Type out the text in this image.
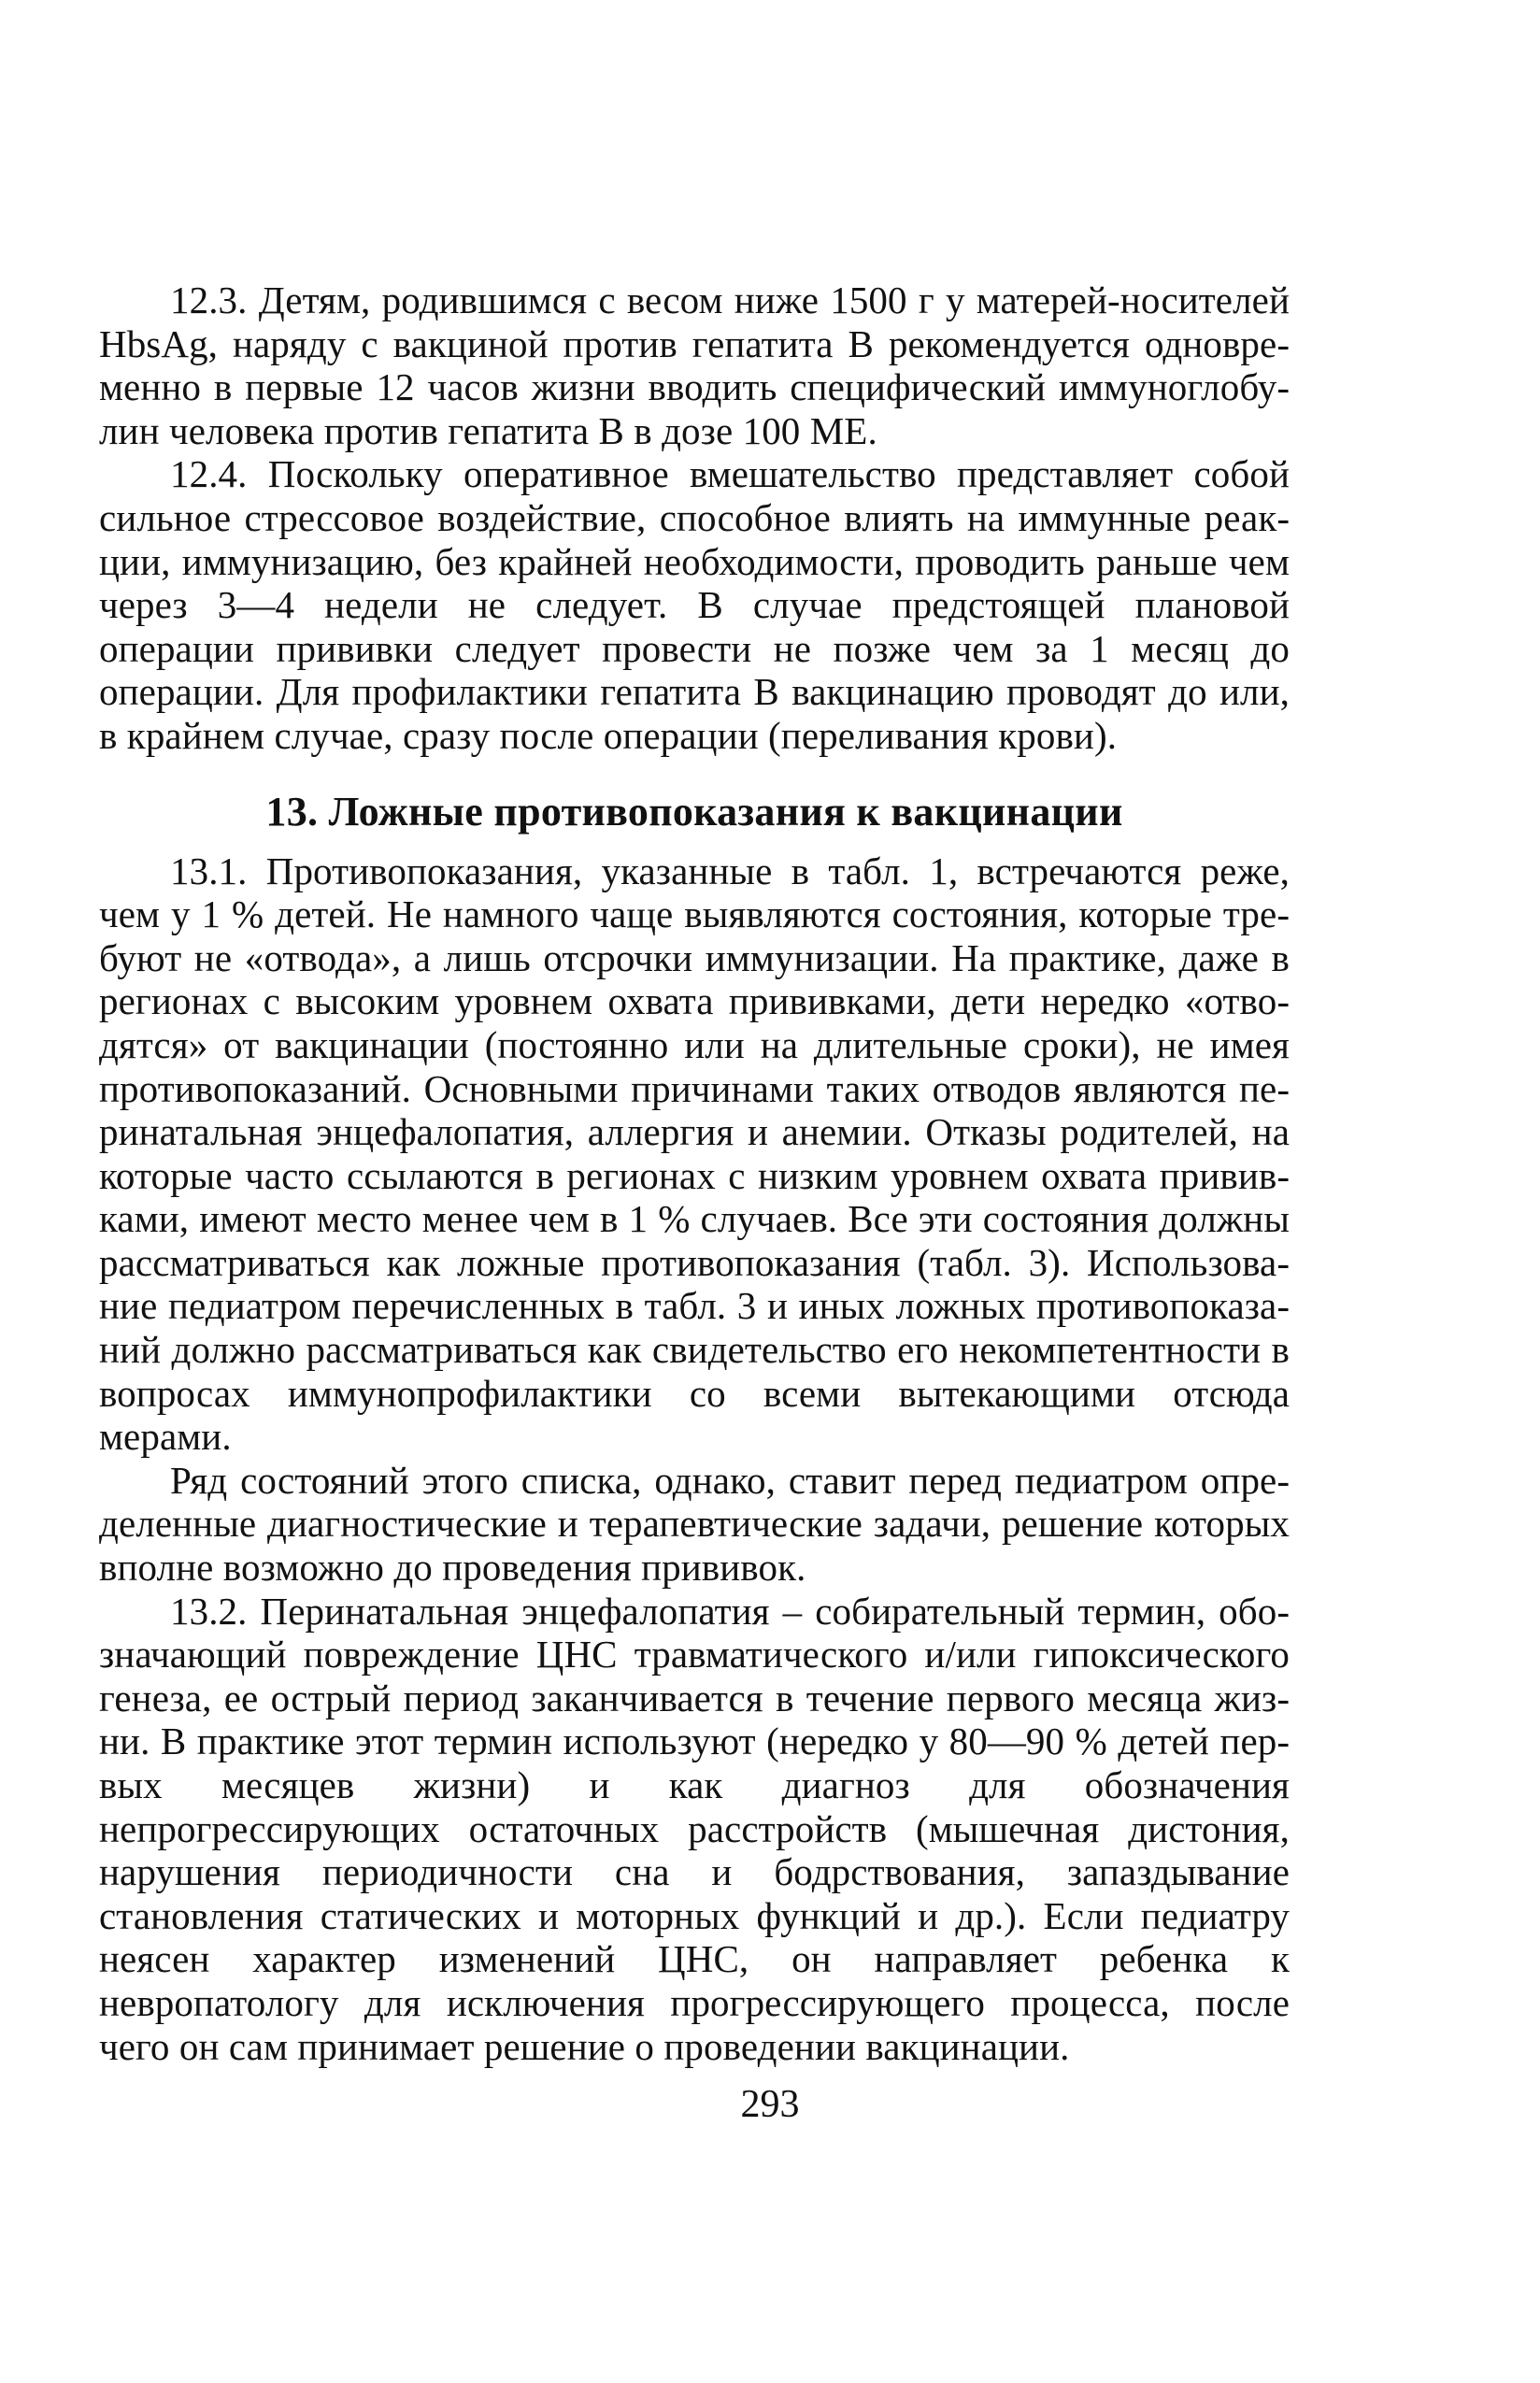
12.3. Детям, родившимся с весом ниже 1500 г у матерей-носителей HbsAg, наряду с вакциной против гепатита В рекомендуется одновременно в первые 12 часов жизни вводить специфический иммуноглобулин человека против гепатита В в дозе 100 МЕ.

12.4. Поскольку оперативное вмешательство представляет собой сильное стрессовое воздействие, способное влиять на иммунные реакции, иммунизацию, без крайней необходимости, проводить раньше чем через 3—4 недели не следует. В случае предстоящей плановой операции прививки следует провести не позже чем за 1 месяц до операции. Для профилактики гепатита В вакцинацию проводят до или, в крайнем случае, сразу после операции (переливания крови).

13. Ложные противопоказания к вакцинации

13.1. Противопоказания, указанные в табл. 1, встречаются реже, чем у 1 % детей. Не намного чаще выявляются состояния, которые требуют не «отвода», а лишь отсрочки иммунизации. На практике, даже в регионах с высоким уровнем охвата прививками, дети нередко «отводятся» от вакцинации (постоянно или на длительные сроки), не имея противопоказаний. Основными причинами таких отводов являются перинатальная энцефалопатия, аллергия и анемии. Отказы родителей, на которые часто ссылаются в регионах с низким уровнем охвата прививками, имеют место менее чем в 1 % случаев. Все эти состояния должны рассматриваться как ложные противопоказания (табл. 3). Использование педиатром перечисленных в табл. 3 и иных ложных противопоказаний должно рассматриваться как свидетельство его некомпетентности в вопросах иммунопрофилактики со всеми вытекающими отсюда мерами.

Ряд состояний этого списка, однако, ставит перед педиатром определенные диагностические и терапевтические задачи, решение которых вполне возможно до проведения прививок.

13.2. Перинатальная энцефалопатия – собирательный термин, обозначающий повреждение ЦНС травматического и/или гипоксического генеза, ее острый период заканчивается в течение первого месяца жизни. В практике этот термин используют (нередко у 80—90 % детей первых месяцев жизни) и как диагноз для обозначения непрогрессирующих остаточных расстройств (мышечная дистония, нарушения периодичности сна и бодрствования, запаздывание становления статических и моторных функций и др.). Если педиатру неясен характер изменений ЦНС, он направляет ребенка к невропатологу для исключения прогрессирующего процесса, после чего он сам принимает решение о проведении вакцинации.

293
